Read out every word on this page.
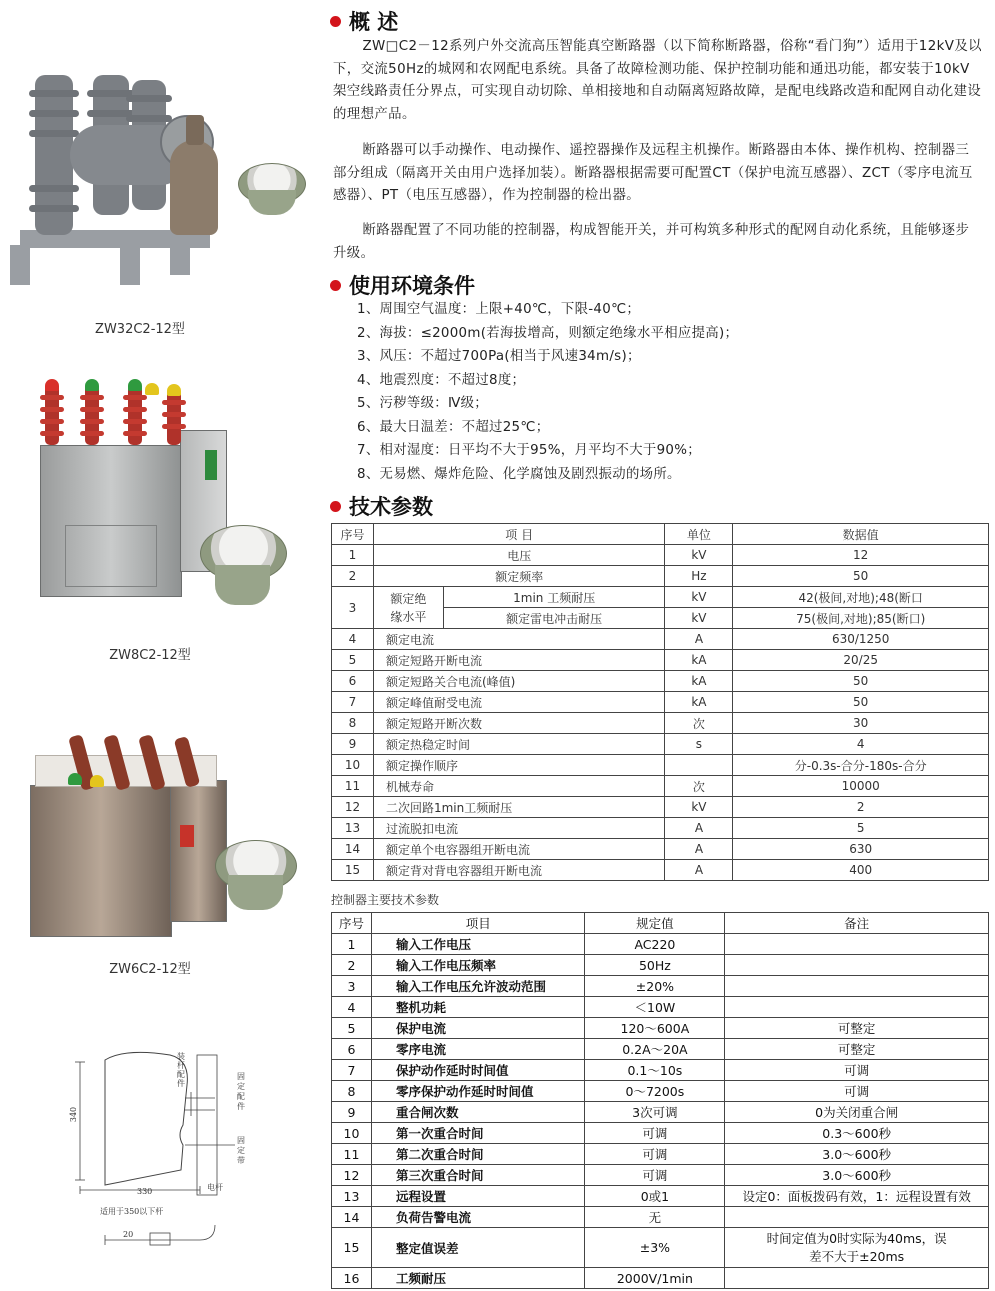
ZW32C2-12型
ZW8C2-12型
ZW6C2-12型
340
330
装杆配件
固定配件
固定带
电杆
适用于350以下杆
20
概 述
ZW□C2－12系列户外交流高压智能真空断路器（以下简称断路器，俗称“看门狗”）适用于12kV及以下，交流50Hz的城网和农网配电系统。具备了故障检测功能、保护控制功能和通迅功能，都安装于10kV架空线路责任分界点，可实现自动切除、单相接地和自动隔离短路故障，是配电线路改造和配网自动化建设的理想产品。
断路器可以手动操作、电动操作、遥控器操作及远程主机操作。断路器由本体、操作机构、控制器三部分组成（隔离开关由用户选择加装）。断路器根据需要可配置CT（保护电流互感器）、ZCT（零序电流互感器）、PT（电压互感器），作为控制器的检出器。
断路器配置了不同功能的控制器，构成智能开关，并可构筑多种形式的配网自动化系统，且能够逐步升级。
使用环境条件
1、周围空气温度：上限+40℃，下限-40℃；
2、海拔：≤2000m(若海拔增高，则额定绝缘水平相应提高)；
3、风压：不超过700Pa(相当于风速34m/s)；
4、地震烈度：不超过8度；
5、污秽等级：Ⅳ级；
6、最大日温差：不超过25℃；
7、相对湿度：日平均不大于95%，月平均不大于90%；
8、无易燃、爆炸危险、化学腐蚀及剧烈振动的场所。
技术参数
序号	项 目		单位	数据值
1	电压		kV	12
2	额定频率		Hz	50
3	额定绝缘水平	1min 工频耐压	kV	42(极间,对地);48(断口
		额定雷电冲击耐压	kV	75(极间,对地);85(断口)
4	额定电流		A	630/1250
5	额定短路开断电流		kA	20/25
6	额定短路关合电流(峰值)		kA	50
7	额定峰值耐受电流		kA	50
8	额定短路开断次数		次	30
9	额定热稳定时间		s	4
10	额定操作顺序			分-0.3s-合分-180s-合分
11	机械寿命		次	10000
12	二次回路1min工频耐压		kV	2
13	过流脱扣电流		A	5
14	额定单个电容器组开断电流		A	630
15	额定背对背电容器组开断电流		A	400
控制器主要技术参数
序号	项目	规定值	备注
1	输入工作电压	AC220	
2	输入工作电压频率	50Hz	
3	输入工作电压允许波动范围	±20%	
4	整机功耗	＜10W	
5	保护电流	120～600A	可整定
6	零序电流	0.2A～20A	可整定
7	保护动作延时时间值	0.1～10s	可调
8	零序保护动作延时时间值	0～7200s	可调
9	重合闸次数	3次可调	0为关闭重合闸
10	第一次重合时间	可调	0.3～600秒
11	第二次重合时间	可调	3.0～600秒
12	第三次重合时间	可调	3.0～600秒
13	远程设置	0或1	设定0：面板拨码有效，1：远程设置有效
14	负荷告警电流	无	
15	整定值误差	±3%	时间定值为0时实际为40ms，误差不大于±20ms
16	工频耐压	2000V/1min	
